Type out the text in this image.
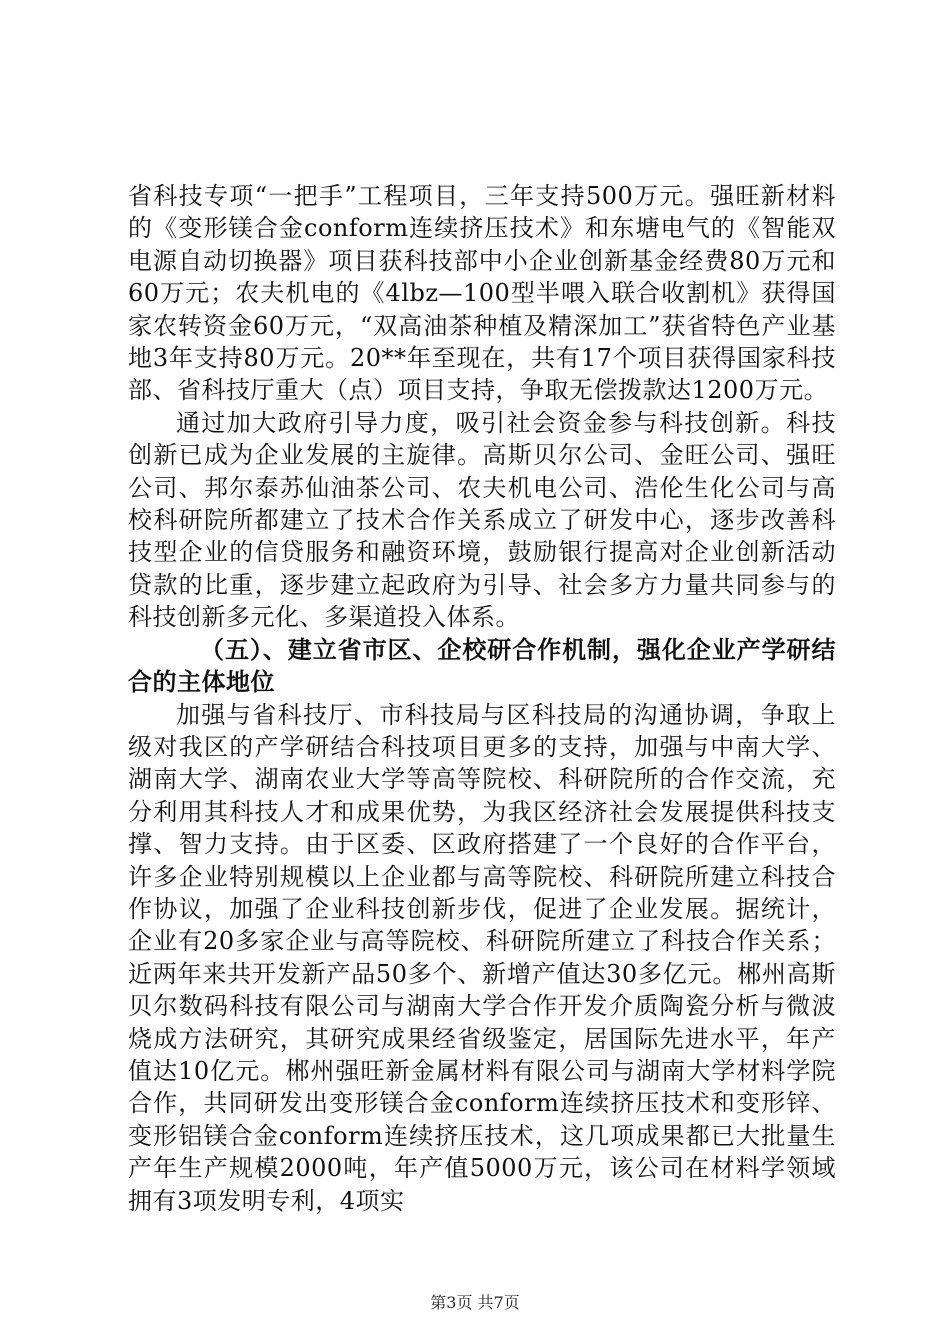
省科技专项“一把手”工程项目，三年支持500万元。强旺新材料的《变形镁合金conform连续挤压技术》和东塘电气的《智能双电源自动切换器》项目获科技部中小企业创新基金经费80万元和60万元；农夫机电的《4lbz—100型半喂入联合收割机》获得国家农转资金60万元，“双高油茶种植及精深加工”获省特色产业基地3年支持80万元。20**年至现在，共有17个项目获得国家科技部、省科技厅重大（点）项目支持，争取无偿拨款达1200万元。

通过加大政府引导力度，吸引社会资金参与科技创新。科技创新已成为企业发展的主旋律。高斯贝尔公司、金旺公司、强旺公司、邦尔泰苏仙油茶公司、农夫机电公司、浩伦生化公司与高校科研院所都建立了技术合作关系成立了研发中心，逐步改善科技型企业的信贷服务和融资环境，鼓励银行提高对企业创新活动贷款的比重，逐步建立起政府为引导、社会多方力量共同参与的科技创新多元化、多渠道投入体系。

（五）、建立省市区、企校研合作机制，强化企业产学研结合的主体地位

加强与省科技厅、市科技局与区科技局的沟通协调，争取上级对我区的产学研结合科技项目更多的支持，加强与中南大学、湖南大学、湖南农业大学等高等院校、科研院所的合作交流，充分利用其科技人才和成果优势，为我区经济社会发展提供科技支撑、智力支持。由于区委、区政府搭建了一个良好的合作平台，许多企业特别规模以上企业都与高等院校、科研院所建立科技合作协议，加强了企业科技创新步伐，促进了企业发展。据统计，企业有20多家企业与高等院校、科研院所建立了科技合作关系；近两年来共开发新产品50多个、新增产值达30多亿元。郴州高斯贝尔数码科技有限公司与湖南大学合作开发介质陶瓷分析与微波烧成方法研究，其研究成果经省级鉴定，居国际先进水平，年产值达10亿元。郴州强旺新金属材料有限公司与湖南大学材料学院合作，共同研发出变形镁合金conform连续挤压技术和变形锌、变形铝镁合金conform连续挤压技术，这几项成果都已大批量生产年生产规模2000吨，年产值5000万元，该公司在材料学领域拥有3项发明专利，4项实

第3页 共7页
